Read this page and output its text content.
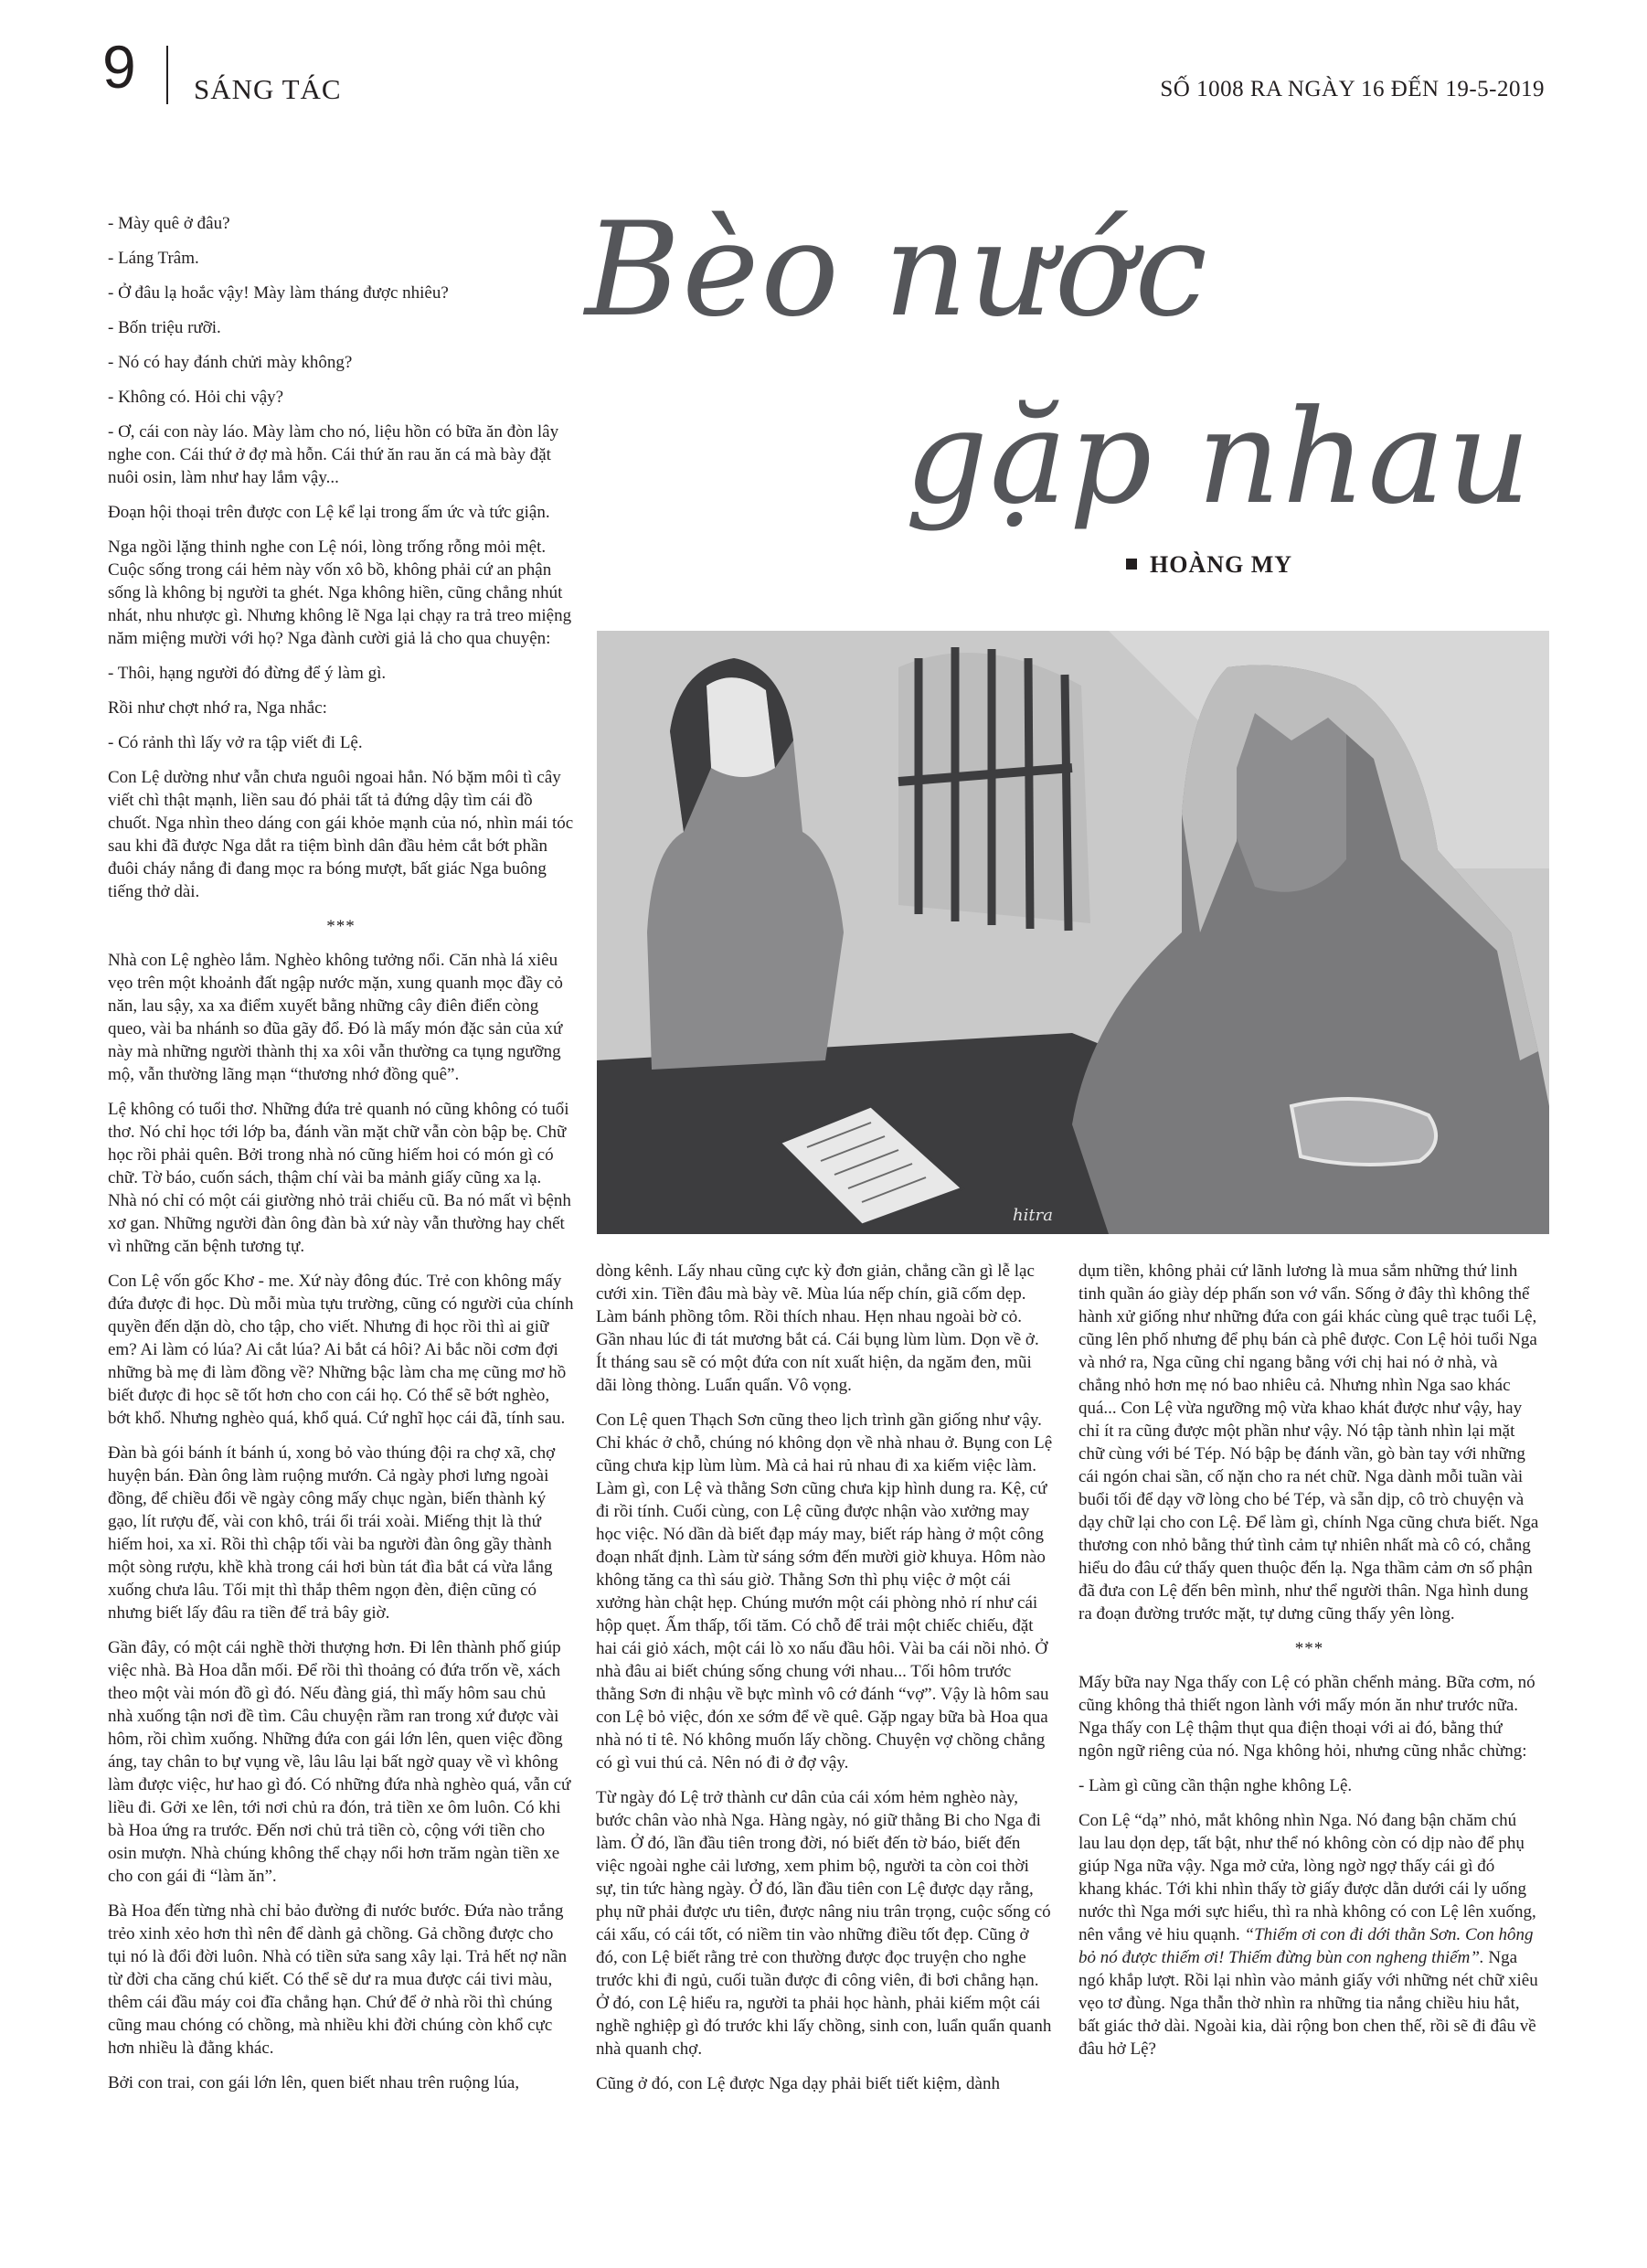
9 SÁNG TÁC	SỐ 1008 RA NGÀY 16 ĐẾN 19-5-2019
Bèo nước
gặp nhau
HOÀNG MY
hitra

- Mày quê ở đâu?

- Láng Trâm.

- Ở đâu lạ hoắc vậy! Mày làm tháng được nhiêu?

- Bốn triệu rưỡi.

- Nó có hay đánh chửi mày không?

- Không có. Hỏi chi vậy?

- Ơ, cái con này láo. Mày làm cho nó, liệu hồn có bữa ăn đòn lây nghe con. Cái thứ ở đợ mà hỗn. Cái thứ ăn rau ăn cá mà bày đặt nuôi osin, làm như hay lắm vậy...

Đoạn hội thoại trên được con Lệ kể lại trong ấm ức và tức giận.

Nga ngồi lặng thinh nghe con Lệ nói, lòng trống rỗng mỏi mệt. Cuộc sống trong cái hẻm này vốn xô bồ, không phải cứ an phận sống là không bị người ta ghét. Nga không hiền, cũng chẳng nhút nhát, nhu nhược gì. Nhưng không lẽ Nga lại chạy ra trả treo miệng năm miệng mười với họ? Nga đành cười giả lả cho qua chuyện:

- Thôi, hạng người đó đừng để ý làm gì.

Rồi như chợt nhớ ra, Nga nhắc:

- Có rảnh thì lấy vở ra tập viết đi Lệ.

Con Lệ dường như vẫn chưa nguôi ngoai hẳn. Nó bặm môi tì cây viết chì thật mạnh, liền sau đó phải tất tả đứng dậy tìm cái đồ chuốt. Nga nhìn theo dáng con gái khỏe mạnh của nó, nhìn mái tóc sau khi đã được Nga dắt ra tiệm bình dân đầu hẻm cắt bớt phần đuôi cháy nắng đi đang mọc ra bóng mượt, bất giác Nga buông tiếng thở dài.

***

Nhà con Lệ nghèo lắm. Nghèo không tưởng nổi. Căn nhà lá xiêu vẹo trên một khoảnh đất ngập nước mặn, xung quanh mọc đầy cỏ năn, lau sậy, xa xa điểm xuyết bằng những cây điên điển còng queo, vài ba nhánh so đũa gãy đổ. Đó là mấy món đặc sản của xứ này mà những người thành thị xa xôi vẫn thường ca tụng ngưỡng mộ, vẫn thường lãng mạn “thương nhớ đồng quê”.

Lệ không có tuổi thơ. Những đứa trẻ quanh nó cũng không có tuổi thơ. Nó chỉ học tới lớp ba, đánh vần mặt chữ vẫn còn bập bẹ. Chữ học rồi phải quên. Bởi trong nhà nó cũng hiếm hoi có món gì có chữ. Tờ báo, cuốn sách, thậm chí vài ba mảnh giấy cũng xa lạ. Nhà nó chỉ có một cái giường nhỏ trải chiếu cũ. Ba nó mất vì bệnh xơ gan. Những người đàn ông đàn bà xứ này vẫn thường hay chết vì những căn bệnh tương tự.

Con Lệ vốn gốc Khơ - me. Xứ này đông đúc. Trẻ con không mấy đứa được đi học. Dù mỗi mùa tựu trường, cũng có người của chính quyền đến dặn dò, cho tập, cho viết. Nhưng đi học rồi thì ai giữ em? Ai làm có lúa? Ai cắt lúa? Ai bắt cá hôi? Ai bắc nồi cơm đợi những bà mẹ đi làm đồng về? Những bậc làm cha mẹ cũng mơ hồ biết được đi học sẽ tốt hơn cho con cái họ. Có thể sẽ bớt nghèo, bớt khổ. Nhưng nghèo quá, khổ quá. Cứ nghĩ học cái đã, tính sau.

Đàn bà gói bánh ít bánh ú, xong bỏ vào thúng đội ra chợ xã, chợ huyện bán. Đàn ông làm ruộng mướn. Cả ngày phơi lưng ngoài đồng, để chiều đổi về ngày công mấy chục ngàn, biến thành ký gạo, lít rượu đế, vài con khô, trái ổi trái xoài. Miếng thịt là thứ hiếm hoi, xa xỉ. Rồi thì chập tối vài ba người đàn ông gầy thành một sòng rượu, khề khà trong cái hơi bùn tát đìa bắt cá vừa lắng xuống chưa lâu. Tối mịt thì thắp thêm ngọn đèn, điện cũng có nhưng biết lấy đâu ra tiền để trả bây giờ.

Gần đây, có một cái nghề thời thượng hơn. Đi lên thành phố giúp việc nhà. Bà Hoa dẫn mối. Để rồi thì thoảng có đứa trốn về, xách theo một vài món đồ gì đó. Nếu đàng giá, thì mấy hôm sau chủ nhà xuống tận nơi đề tìm. Câu chuyện rầm ran trong xứ được vài hôm, rồi chìm xuống. Những đứa con gái lớn lên, quen việc đồng áng, tay chân to bự vụng về, lâu lâu lại bất ngờ quay về vì không làm được việc, hư hao gì đó. Có những đứa nhà nghèo quá, vẫn cứ liều đi. Gởi xe lên, tới nơi chủ ra đón, trả tiền xe ôm luôn. Có khi bà Hoa ứng ra trước. Đến nơi chủ trả tiền cò, cộng với tiền cho osin mượn. Nhà chúng không thể chạy nổi hơn trăm ngàn tiền xe cho con gái đi “làm ăn”.

Bà Hoa đến từng nhà chỉ bảo đường đi nước bước. Đứa nào trắng trẻo xinh xẻo hơn thì nên để dành gả chồng. Gả chồng được cho tụi nó là đổi đời luôn. Nhà có tiền sửa sang xây lại. Trả hết nợ nần từ đời cha căng chú kiết. Có thể sẽ dư ra mua được cái tivi màu, thêm cái đầu máy coi đĩa chẳng hạn. Chứ để ở nhà rồi thì chúng cũng mau chóng có chồng, mà nhiều khi đời chúng còn khổ cực hơn nhiều là đằng khác.

Bởi con trai, con gái lớn lên, quen biết nhau trên ruộng lúa,

dòng kênh. Lấy nhau cũng cực kỳ đơn giản, chẳng cần gì lễ lạc cưới xin. Tiền đâu mà bày vẽ. Mùa lúa nếp chín, giã cốm dẹp. Làm bánh phồng tôm. Rồi thích nhau. Hẹn nhau ngoài bờ cỏ. Gần nhau lúc đi tát mương bắt cá. Cái bụng lùm lùm. Dọn về ở. Ít tháng sau sẽ có một đứa con nít xuất hiện, da ngăm đen, mũi dãi lòng thòng. Luẩn quẩn. Vô vọng.

Con Lệ quen Thạch Sơn cũng theo lịch trình gần giống như vậy. Chỉ khác ở chỗ, chúng nó không dọn về nhà nhau ở. Bụng con Lệ cũng chưa kịp lùm lùm. Mà cả hai rủ nhau đi xa kiếm việc làm. Làm gì, con Lệ và thằng Sơn cũng chưa kịp hình dung ra. Kệ, cứ đi rồi tính. Cuối cùng, con Lệ cũng được nhận vào xưởng may học việc. Nó dần dà biết đạp máy may, biết ráp hàng ở một công đoạn nhất định. Làm từ sáng sớm đến mười giờ khuya. Hôm nào không tăng ca thì sáu giờ. Thằng Sơn thì phụ việc ở một cái xưởng hàn chật hẹp. Chúng mướn một cái phòng nhỏ rí như cái hộp quẹt. Ấm thấp, tối tăm. Có chỗ để trải một chiếc chiếu, đặt hai cái giỏ xách, một cái lò xo nấu đầu hôi. Vài ba cái nồi nhỏ. Ở nhà đâu ai biết chúng sống chung với nhau... Tối hôm trước thằng Sơn đi nhậu về bực mình vô cớ đánh “vợ”. Vậy là hôm sau con Lệ bỏ việc, đón xe sớm để về quê. Gặp ngay bữa bà Hoa qua nhà nó tỉ tê. Nó không muốn lấy chồng. Chuyện vợ chồng chẳng có gì vui thú cả. Nên nó đi ở đợ vậy.

Từ ngày đó Lệ trở thành cư dân của cái xóm hẻm nghèo này, bước chân vào nhà Nga. Hàng ngày, nó giữ thằng Bi cho Nga đi làm. Ở đó, lần đầu tiên trong đời, nó biết đến tờ báo, biết đến việc ngoài nghe cải lương, xem phim bộ, người ta còn coi thời sự, tin tức hàng ngày. Ở đó, lần đầu tiên con Lệ được dạy rằng, phụ nữ phải được ưu tiên, được nâng niu trân trọng, cuộc sống có cái xấu, có cái tốt, có niềm tin vào những điều tốt đẹp. Cũng ở đó, con Lệ biết rằng trẻ con thường được đọc truyện cho nghe trước khi đi ngủ, cuối tuần được đi công viên, đi bơi chẳng hạn. Ở đó, con Lệ hiểu ra, người ta phải học hành, phải kiếm một cái nghề nghiệp gì đó trước khi lấy chồng, sinh con, luẩn quẩn quanh nhà quanh chợ.

Cũng ở đó, con Lệ được Nga dạy phải biết tiết kiệm, dành

dụm tiền, không phải cứ lãnh lương là mua sắm những thứ linh tinh quần áo giày dép phấn son vớ vẩn. Sống ở đây thì không thể hành xử giống như những đứa con gái khác cùng quê trạc tuổi Lệ, cũng lên phố nhưng để phụ bán cà phê được. Con Lệ hỏi tuổi Nga và nhớ ra, Nga cũng chỉ ngang bằng với chị hai nó ở nhà, và chẳng nhỏ hơn mẹ nó bao nhiêu cả. Nhưng nhìn Nga sao khác quá... Con Lệ vừa ngưỡng mộ vừa khao khát được như vậy, hay chỉ ít ra cũng được một phần như vậy. Nó tập tành nhìn lại mặt chữ cùng với bé Tép. Nó bập bẹ đánh vần, gò bàn tay với những cái ngón chai sần, cố nặn cho ra nét chữ. Nga dành mỗi tuần vài buổi tối để dạy vỡ lòng cho bé Tép, và sẵn dịp, cô trò chuyện và dạy chữ lại cho con Lệ. Để làm gì, chính Nga cũng chưa biết. Nga thương con nhỏ bằng thứ tình cảm tự nhiên nhất mà cô có, chẳng hiểu do đâu cứ thấy quen thuộc đến lạ. Nga thầm cảm ơn số phận đã đưa con Lệ đến bên mình, như thể người thân. Nga hình dung ra đoạn đường trước mặt, tự dưng cũng thấy yên lòng.

***

Mấy bữa nay Nga thấy con Lệ có phần chểnh mảng. Bữa cơm, nó cũng không thả thiết ngon lành với mấy món ăn như trước nữa. Nga thấy con Lệ thậm thụt qua điện thoại với ai đó, bằng thứ ngôn ngữ riêng của nó. Nga không hỏi, nhưng cũng nhắc chừng:

- Làm gì cũng cần thận nghe không Lệ.

Con Lệ “dạ” nhỏ, mắt không nhìn Nga. Nó đang bận chăm chú lau lau dọn dẹp, tất bật, như thể nó không còn có dịp nào để phụ giúp Nga nữa vậy. Nga mở cửa, lòng ngờ ngợ thấy cái gì đó khang khác. Tới khi nhìn thấy tờ giấy được dằn dưới cái ly uống nước thì Nga mới sực hiểu, thì ra nhà không có con Lệ lên xuống, nên vắng vẻ hiu quạnh. “Thiếm ơi con đi dới thằn Sơn. Con hông bỏ nó được thiếm ơi! Thiếm đừng bùn con ngheng thiếm”. Nga ngó khắp lượt. Rồi lại nhìn vào mảnh giấy với những nét chữ xiêu vẹo tơ đùng. Nga thẫn thờ nhìn ra những tia nắng chiều hiu hắt, bất giác thở dài. Ngoài kia, dài rộng bon chen thế, rồi sẽ đi đâu về đâu hở Lệ?
